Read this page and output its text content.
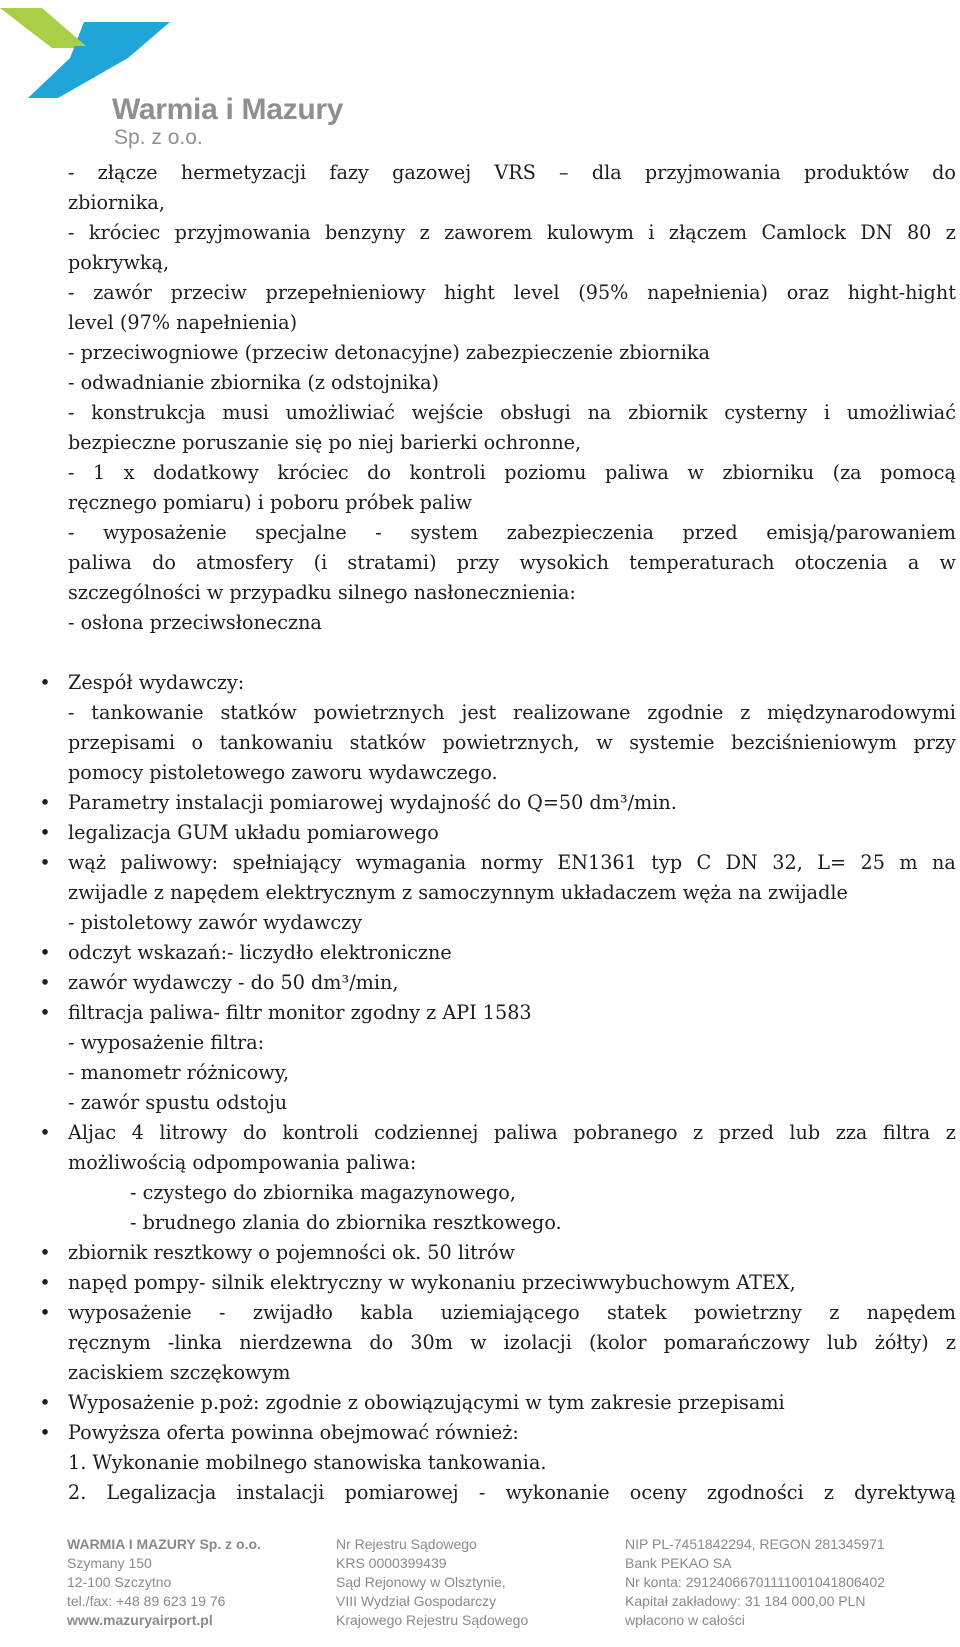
Warmia i Mazury
Sp. z o.o.
- złącze hermetyzacji fazy gazowej VRS – dla przyjmowania produktów do
zbiornika,
- króciec przyjmowania benzyny z zaworem kulowym i złączem Camlock DN 80 z
pokrywką,
- zawór przeciw przepełnieniowy hight level (95% napełnienia) oraz hight-hight
level (97% napełnienia)
- przeciwogniowe (przeciw detonacyjne) zabezpieczenie zbiornika
- odwadnianie zbiornika (z odstojnika)
- konstrukcja musi umożliwiać wejście obsługi na zbiornik cysterny i umożliwiać
bezpieczne poruszanie się po niej barierki ochronne,
- 1 x dodatkowy króciec do kontroli poziomu paliwa w zbiorniku (za pomocą
ręcznego pomiaru) i poboru próbek paliw
- wyposażenie specjalne - system zabezpieczenia przed emisją/parowaniem
paliwa do atmosfery (i stratami) przy wysokich temperaturach otoczenia a w
szczególności w przypadku silnego nasłonecznienia:
- osłona przeciwsłoneczna
• Zespół wydawczy:
- tankowanie statków powietrznych jest realizowane zgodnie z międzynarodowymi
przepisami o tankowaniu statków powietrznych, w systemie bezciśnieniowym przy
pomocy pistoletowego zaworu wydawczego.
• Parametry instalacji pomiarowej wydajność do Q=50 dm³/min.
• legalizacja GUM układu pomiarowego
• wąż paliwowy: spełniający wymagania normy EN1361 typ C DN 32, L= 25 m na
zwijadle z napędem elektrycznym z samoczynnym układaczem węża na zwijadle
- pistoletowy zawór wydawczy
• odczyt wskazań:- liczydło elektroniczne
• zawór wydawczy - do 50 dm³/min,
• filtracja paliwa- filtr monitor zgodny z API 1583
- wyposażenie filtra:
- manometr różnicowy,
- zawór spustu odstoju
• Aljac 4 litrowy do kontroli codziennej paliwa pobranego z przed lub zza filtra z
możliwością odpompowania paliwa:
- czystego do zbiornika magazynowego,
- brudnego zlania do zbiornika resztkowego.
• zbiornik resztkowy o pojemności ok. 50 litrów
• napęd pompy- silnik elektryczny w wykonaniu przeciwwybuchowym ATEX,
• wyposażenie - zwijadło kabla uziemiającego statek powietrzny z napędem
ręcznym -linka nierdzewna do 30m w izolacji (kolor pomarańczowy lub żółty) z
zaciskiem szczękowym
• Wyposażenie p.poż: zgodnie z obowiązującymi w tym zakresie przepisami
• Powyższa oferta powinna obejmować również:
1. Wykonanie mobilnego stanowiska tankowania.
2. Legalizacja instalacji pomiarowej - wykonanie oceny zgodności z dyrektywą
WARMIA I MAZURY Sp. z o.o.
Szymany 150
12-100 Szczytno
tel./fax: +48 89 623 19 76
www.mazuryairport.pl
Nr Rejestru Sądowego
KRS 0000399439
Sąd Rejonowy w Olsztynie,
VIII Wydział Gospodarczy
Krajowego Rejestru Sądowego
NIP PL-7451842294, REGON 281345971
Bank PEKAO SA
Nr konta: 29124066701111001041806402
Kapitał zakładowy: 31 184 000,00 PLN
wpłacono w całości
